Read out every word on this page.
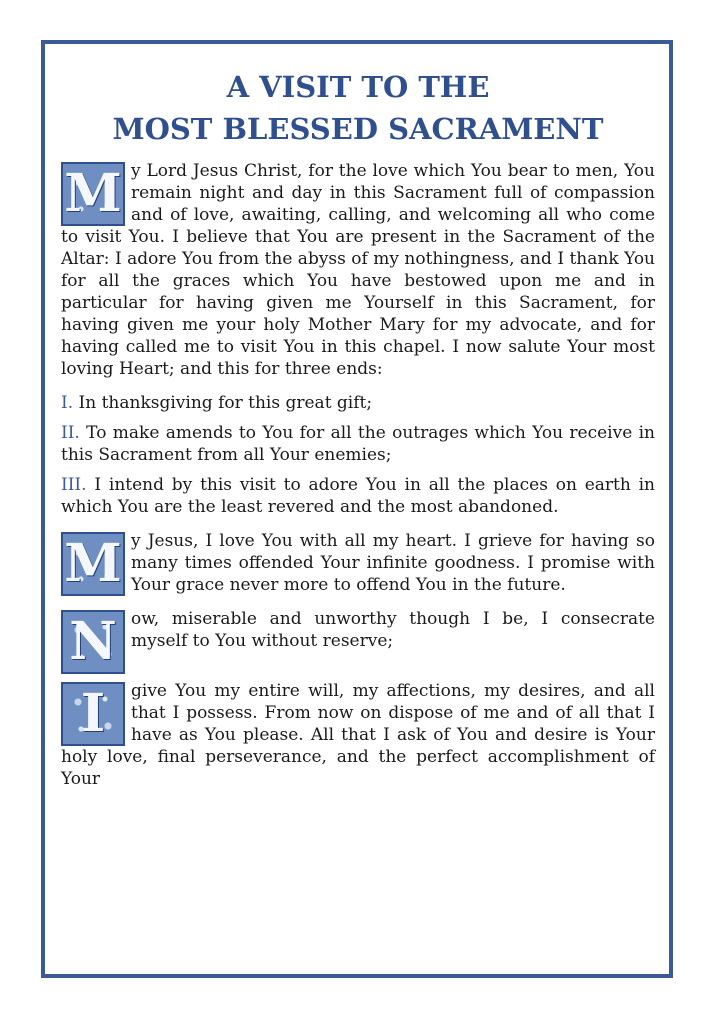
A VISIT TO THE
MOST BLESSED SACRAMENT

M y Lord Jesus Christ, for the love which You bear to men, You remain night and day in this Sacrament full of compassion and of love, awaiting, calling, and welcoming all who come to visit You. I believe that You are present in the Sacrament of the Altar: I adore You from the abyss of my nothingness, and I thank You for all the graces which You have bestowed upon me and in particular for having given me Yourself in this Sacrament, for having given me your holy Mother Mary for my advocate, and for having called me to visit You in this chapel. I now salute Your most loving Heart; and this for three ends:

I. In thanksgiving for this great gift;

II. To make amends to You for all the outrages which You receive in this Sacrament from all Your enemies;

III. I intend by this visit to adore You in all the places on earth in which You are the least revered and the most abandoned.

M y Jesus, I love You with all my heart. I grieve for having so many times offended Your infinite goodness. I promise with Your grace never more to offend You in the future.

N ow, miserable and unworthy though I be, I consecrate myself to You without reserve;

I	give You my entire will, my affections, my desires, and all that I possess. From now on dispose of me and of all that I have as You please. All that I ask of You and desire is Your holy love, final perseverance, and the perfect accomplishment of Your
